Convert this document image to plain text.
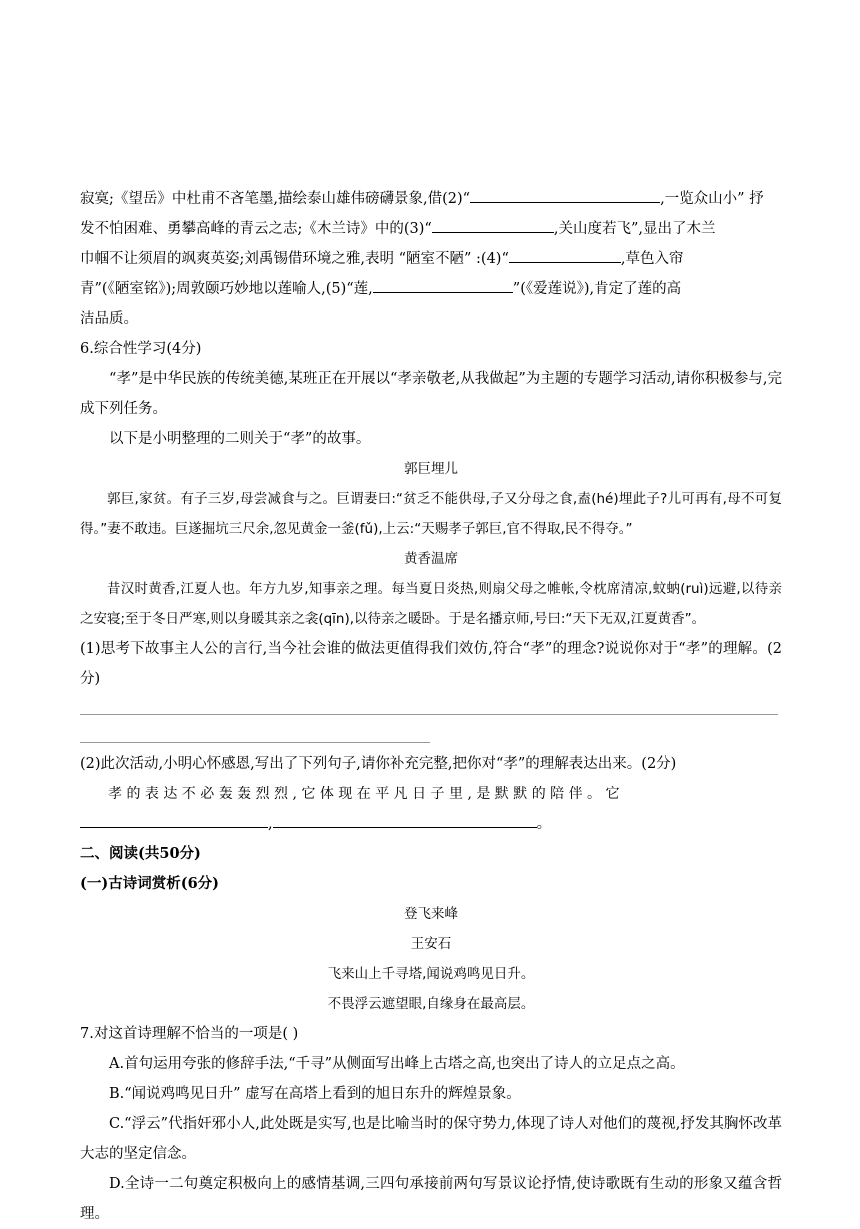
寂寞;《望岳》中杜甫不吝笔墨,描绘泰山雄伟磅礴景象,借(2)“	,一览众山小” 抒

发不怕困难、勇攀高峰的青云之志;《木兰诗》中的(3)“	,关山度若飞”,显出了木兰

巾帼不让须眉的飒爽英姿;刘禹锡借环境之雅,表明 “陋室不陋” :(4)“	,草色入帘

青”(《陋室铭》);周敦颐巧妙地以莲喻人,(5)“莲,	”(《爱莲说》),肯定了莲的高

洁品质。

6.综合性学习(4分)

“孝”是中华民族的传统美德,某班正在开展以“孝亲敬老,从我做起”为主题的专题学习活动,请你积极参与,完成下列任务。

以下是小明整理的二则关于“孝”的故事。

郭巨埋儿

郭巨,家贫。有子三岁,母尝减食与之。巨谓妻曰:“贫乏不能供母,子又分母之食,盍(hé)埋此子?儿可再有,母不可复得。”妻不敢违。巨遂掘坑三尺余,忽见黄金一釜(fǔ),上云:“天赐孝子郭巨,官不得取,民不得夺。”

黄香温席

昔汉时黄香,江夏人也。年方九岁,知事亲之理。每当夏日炎热,则扇父母之帷帐,令枕席清凉,蚊蚋(ruì)远避,以待亲之安寝;至于冬日严寒,则以身暖其亲之衾(qīn),以待亲之暖卧。于是名播京师,号曰:“天下无双,江夏黄香”。

(1)思考下故事主人公的言行,当今社会谁的做法更值得我们效仿,符合“孝”的理念?说说你对于“孝”的理解。(2分)

(2)此次活动,小明心怀感恩,写出了下列句子,请你补充完整,把你对“孝”的理解表达出来。(2分)

孝 的 表 达 不 必 轰 轰 烈 烈 , 它 体 现 在 平 凡 日 子 里 , 是 默 默 的 陪 伴 。 它

,	。

二、阅读(共50分)

(一)古诗词赏析(6分)

登飞来峰

王安石

飞来山上千寻塔,闻说鸡鸣见日升。

不畏浮云遮望眼,自缘身在最高层。

7.对这首诗理解不恰当的一项是( )

A.首句运用夸张的修辞手法,“千寻”从侧面写出峰上古塔之高,也突出了诗人的立足点之高。

B.“闻说鸡鸣见日升” 虚写在高塔上看到的旭日东升的辉煌景象。

C.“浮云”代指奸邪小人,此处既是实写,也是比喻当时的保守势力,体现了诗人对他们的蔑视,抒发其胸怀改革大志的坚定信念。

D.全诗一二句奠定积极向上的感情基调,三四句承接前两句写景议论抒情,使诗歌既有生动的形象又蕴含哲理。
